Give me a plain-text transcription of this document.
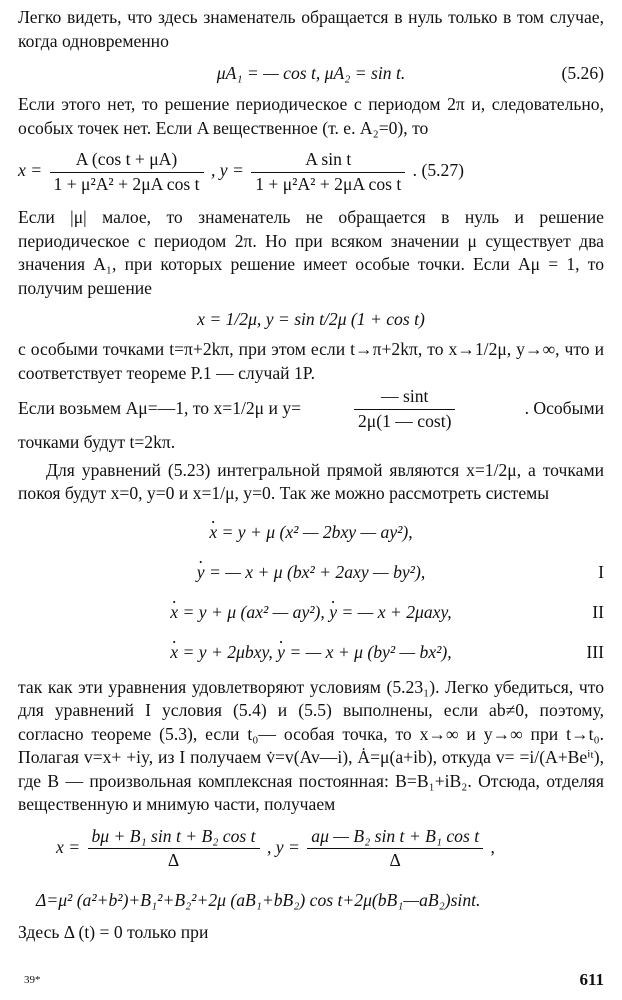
Легко видеть, что здесь знаменатель обращается в нуль только в том случае, когда одновременно

μA₁ = — cos t, μA₂ = sin t.	(5.26)

Если этого нет, то решение периодическое с периодом 2π и, следовательно, особых точек нет. Если A вещественное (т. е. A₂=0), то

$x = \frac{\text{A (cos t + μA)}}{\text{1 + μ²A² + 2μA cos t}}$ , $y = \frac{\text{A sin t}}{\text{1 + μ²A² + 2μA cos t}}$ . (5.27)

Если |μ| малое, то знаменатель не обращается в нуль и решение периодическое с периодом 2π. Но при всяком значении μ существует два значения A₁, при которых решение имеет особые точки. Если Aμ = 1, то получим решение

x = 1/2μ, y = sin t/2μ (1 + cos t)

с особыми точками t=π+2kπ, при этом если t→π+2kπ, то x→1/2μ, y→∞, что и соответствует теореме P.1 — случай 1P.

Если возьмем Aμ=—1, то x=1/2μ и y=	$\frac{— \sin t}{2\mu(1 — \cos t)}$	. Особыми

точками будут t=2kπ.

Для уравнений (5.23) интегральной прямой являются x=1/2μ, а точками покоя будут x=0, y=0 и x=1/μ, y=0. Так же можно рассмотреть системы

· x = y + μ (x² — 2bxy — ay²),
· y = — x + μ (bx² + 2axy — by²),	I
· x = y + μ (ax² — ay²), · y = — x + 2μaxy,	II
· x = y + 2μbxy, · y = — x + μ (by² — bx²),	III

так как эти уравнения удовлетворяют условиям (5.23₁). Легко убедиться, что для уравнений I условия (5.4) и (5.5) выполнены, если ab≠0, поэтому, согласно теореме (5.3), если t₀— особая точка, то x→∞ и y→∞ при t→t₀. Полагая v=x+ +iy, из I получаем v̇=v(Av—i), Ȧ=μ(a+ib), откуда v= =i/(A+Beⁱᵗ), где B — произвольная комплексная постоянная: B=B₁+iB₂. Отсюда, отделяя вещественную и мнимую части, получаем

$x = \frac{\text{bμ + B₁ sin t + B₂ cos t}}{\Delta}$ , $y = \frac{\text{aμ — B₂ sin t + B₁ cos t}}{\Delta}$ ,
Δ=μ² (a²+b²)+B₁²+B₂²+2μ (aB₁+bB₂) cos t+2μ(bB₁—aB₂)sint.

Здесь Δ (t) = 0 только при

39*	611
